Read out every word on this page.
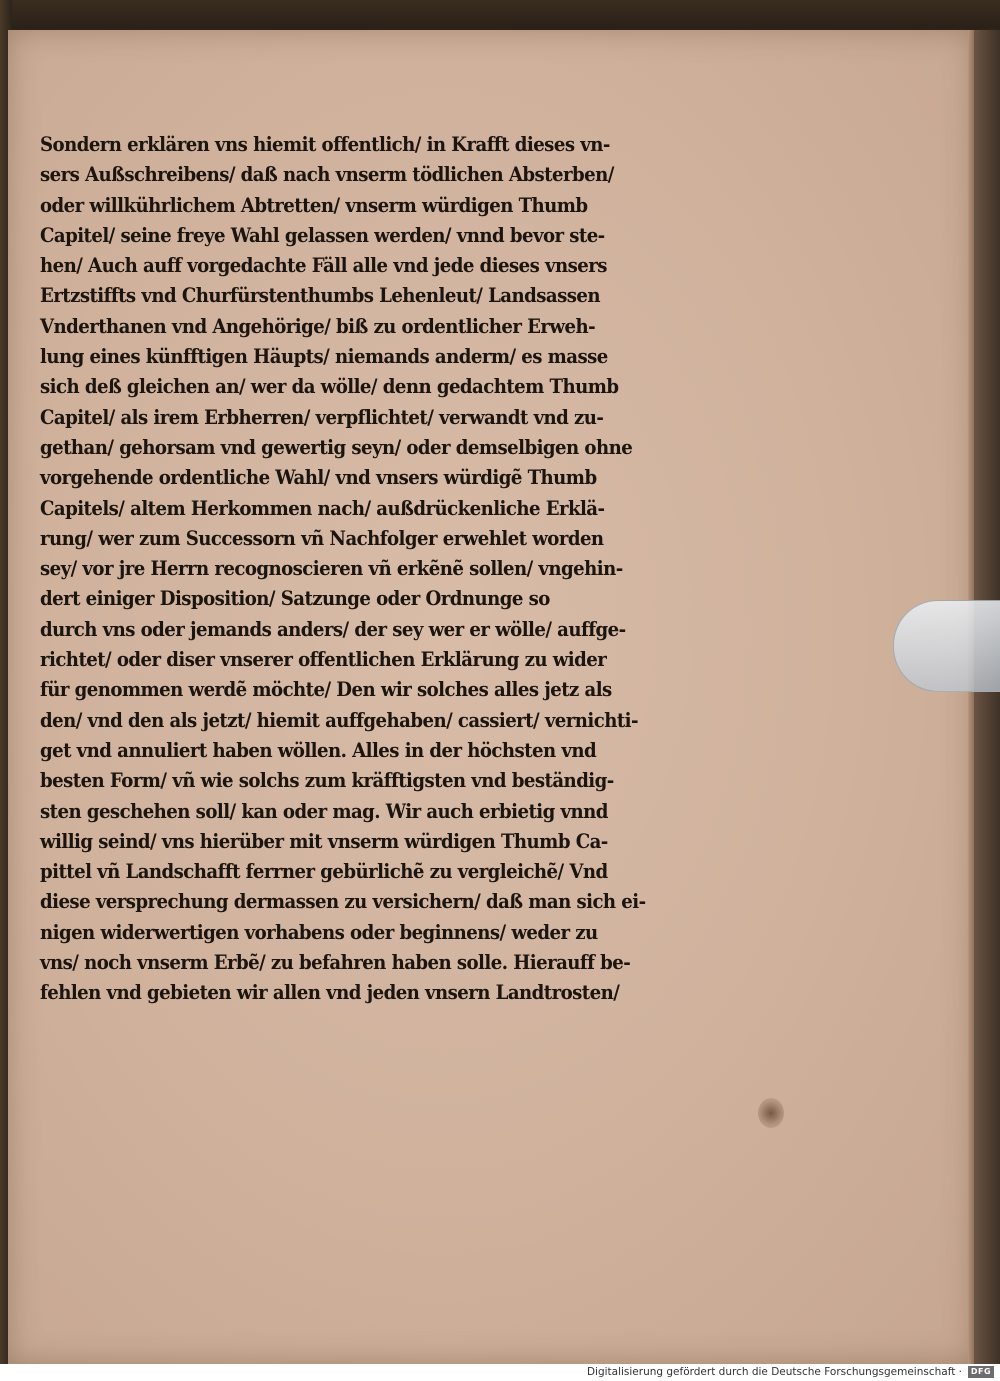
Sondern erklären vns hiemit offentlich/ in Krafft dieses vn-
sers Außschreibens/ daß nach vnserm tödlichen Absterben/
oder willkührlichem Abtretten/ vnserm würdigen Thumb
Capitel/ seine freye Wahl gelassen werden/ vnnd bevor ste-
hen/ Auch auff vorgedachte Fäll alle vnd jede dieses vnsers
Ertzstiffts vnd Churfürstenthumbs Lehenleut/ Landsassen
Vnderthanen vnd Angehörige/ biß zu ordentlicher Erweh-
lung eines künfftigen Häupts/ niemands anderm/ es masse
sich deß gleichen an/ wer da wölle/ denn gedachtem Thumb
Capitel/ als irem Erbherren/ verpflichtet/ verwandt vnd zu-
gethan/ gehorsam vnd gewertig seyn/ oder demselbigen ohne
vorgehende ordentliche Wahl/ vnd vnsers würdigẽ Thumb
Capitels/ altem Herkommen nach/ außdrückenliche Erklä-
rung/ wer zum Successorn vñ Nachfolger erwehlet worden
sey/ vor jre Herrn recognoscieren vñ erkẽnẽ sollen/ vngehin-
dert einiger Disposition/ Satzunge oder Ordnunge so
durch vns oder jemands anders/ der sey wer er wölle/ auffge-
richtet/ oder diser vnserer offentlichen Erklärung zu wider
für genommen werdẽ möchte/ Den wir solches alles jetz als
den/ vnd den als jetzt/ hiemit auffgehaben/ cassiert/ vernichti-
get vnd annuliert haben wöllen. Alles in der höchsten vnd
besten Form/ vñ wie solchs zum kräfftigsten vnd beständig-
sten geschehen soll/ kan oder mag. Wir auch erbietig vnnd
willig seind/ vns hierüber mit vnserm würdigen Thumb Ca-
pittel vñ Landschafft ferrner gebürlichẽ zu vergleichẽ/ Vnd
diese versprechung dermassen zu versichern/ daß man sich ei-
nigen widerwertigen vorhabens oder beginnens/ weder zu
vns/ noch vnserm Erbẽ/ zu befahren haben solle. Hierauff be-
fehlen vnd gebieten wir allen vnd jeden vnsern Landtrosten/
Digitalisierung gefördert durch die Deutsche Forschungsgemeinschaft ·	DFG
